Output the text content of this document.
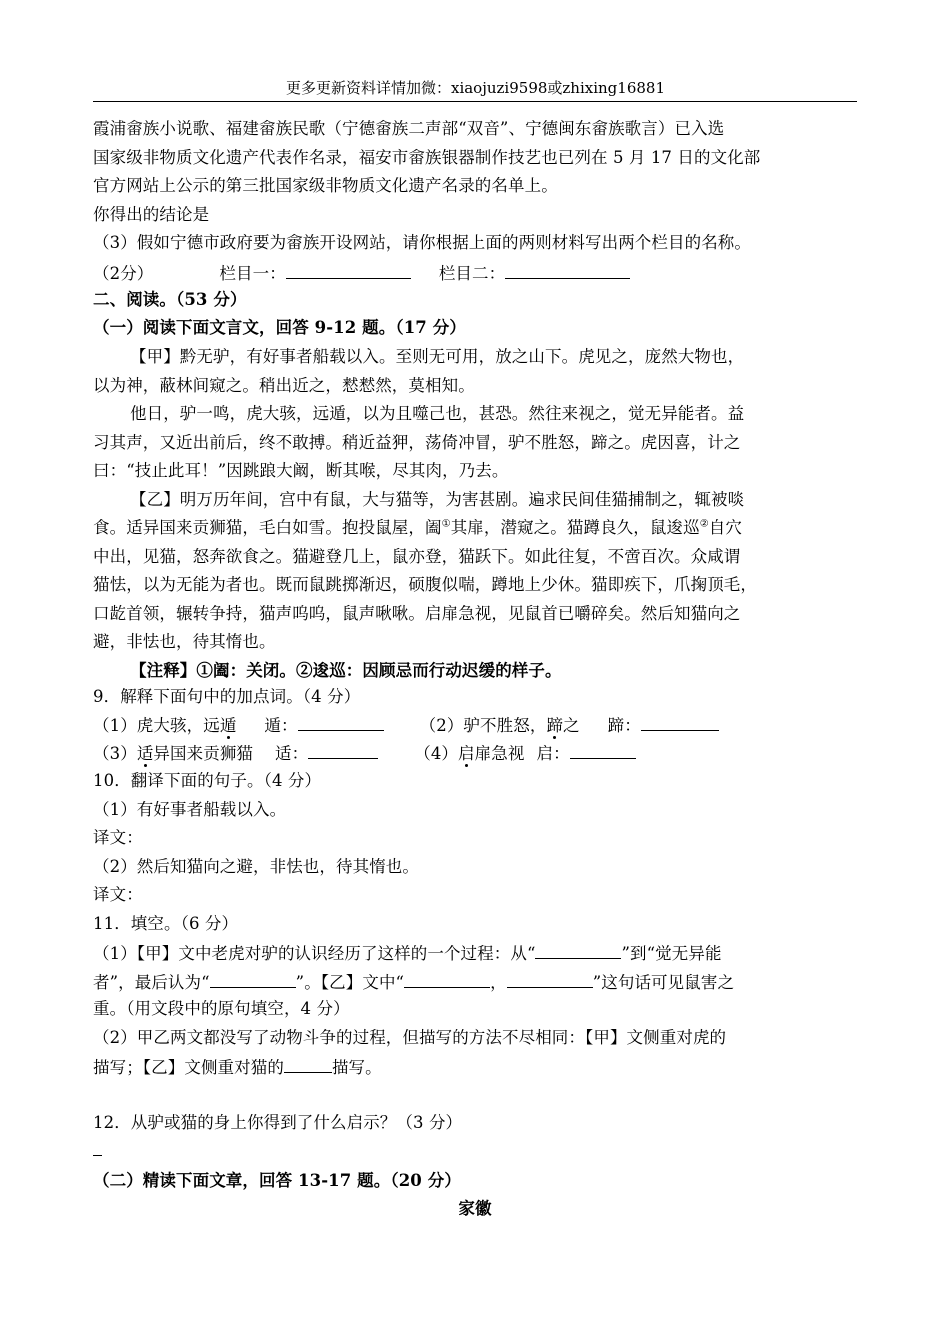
更多更新资料详情加微：xiaojuzi9598或zhixing16881
霞浦畲族小说歌、福建畲族民歌（宁德畲族二声部“双音”、宁德闽东畲族歌言）已入选
国家级非物质文化遗产代表作名录，福安市畲族银器制作技艺也已列在 5 月 17 日的文化部
官方网站上公示的第三批国家级非物质文化遗产名录的名单上。
你得出的结论是
（3）假如宁德市政府要为畲族开设网站，请你根据上面的两则材料写出两个栏目的名称。
（2分）	栏目一：	栏目二：
二、阅读。（53 分）
（一）阅读下面文言文，回答 9-12 题。（17 分）
【甲】黔无驴，有好事者船载以入。至则无可用，放之山下。虎见之，庞然大物也，
以为神，蔽林间窥之。稍出近之，慭慭然，莫相知。
他日，驴一鸣，虎大骇，远遁，以为且噬己也，甚恐。然往来视之，觉无异能者。益
习其声，又近出前后，终不敢搏。稍近益狎，荡倚冲冒，驴不胜怒，蹄之。虎因喜，计之
曰：“技止此耳！”因跳踉大阚，断其喉，尽其肉，乃去。
【乙】明万历年间，宫中有鼠，大与猫等，为害甚剧。遍求民间佳猫捕制之，辄被啖
食。适异国来贡狮猫，毛白如雪。抱投鼠屋，阖①其扉，潜窥之。猫蹲良久，鼠逡巡②自穴
中出，见猫，怒奔欲食之。猫避登几上，鼠亦登，猫跃下。如此往复，不啻百次。众咸谓
猫怯，以为无能为者也。既而鼠跳掷渐迟，硕腹似喘，蹲地上少休。猫即疾下，爪掬顶毛，
口龁首领，辗转争持，猫声呜呜，鼠声啾啾。启扉急视，见鼠首已嚼碎矣。然后知猫向之
避，非怯也，待其惰也。
【注释】①阖：关闭。②逡巡：因顾忌而行动迟缓的样子。
9．解释下面句中的加点词。（4 分）
（1）虎大骇，远遁 遁：	（2）驴不胜怒，蹄之 蹄：
（3）适异国来贡狮猫 适：	（4）启扉急视 启：
10．翻译下面的句子。（4 分）
（1）有好事者船载以入。
译文：
（2）然后知猫向之避，非怯也，待其惰也。
译文：
11．填空。（6 分）
（1）【甲】文中老虎对驴的认识经历了这样的一个过程：从“	”到“觉无异能
者”，最后认为“	”。【乙】文中“	，	”这句话可见鼠害之
重。（用文段中的原句填空，4 分）
（2）甲乙两文都没写了动物斗争的过程，但描写的方法不尽相同：【甲】文侧重对虎的
描写；【乙】文侧重对猫的	描写。
12．从驴或猫的身上你得到了什么启示？（3 分）
（二）精读下面文章，回答 13-17 题。（20 分）
家徽
